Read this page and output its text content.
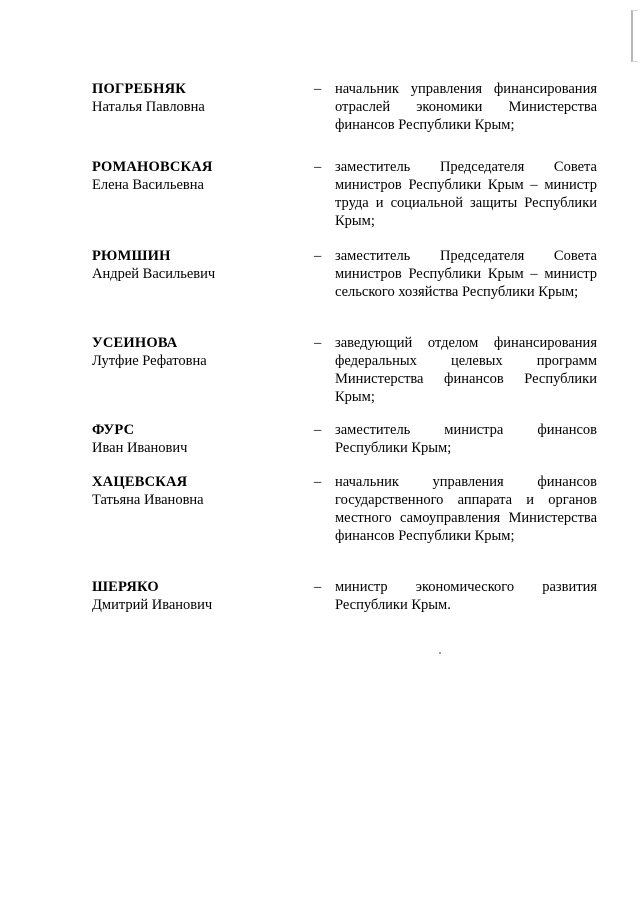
ПОГРЕБНЯК
Наталья Павловна
– начальник управления финансирования отраслей экономики Министерства финансов Республики Крым;

РОМАНОВСКАЯ
Елена Васильевна
– заместитель Председателя Совета министров Республики Крым – министр труда и социальной защиты Республики Крым;

РЮМШИН
Андрей Васильевич
– заместитель Председателя Совета министров Республики Крым – министр сельского хозяйства Республики Крым;

УСЕИНОВА
Лутфие Рефатовна
– заведующий отделом финансирования федеральных целевых программ Министерства финансов Республики Крым;

ФУРС
Иван Иванович
– заместитель министра финансов Республики Крым;

ХАЦЕВСКАЯ
Татьяна Ивановна
– начальник управления финансов государственного аппарата и органов местного самоуправления Министерства финансов Республики Крым;

ШЕРЯКО
Дмитрий Иванович
– министр экономического развития Республики Крым.
